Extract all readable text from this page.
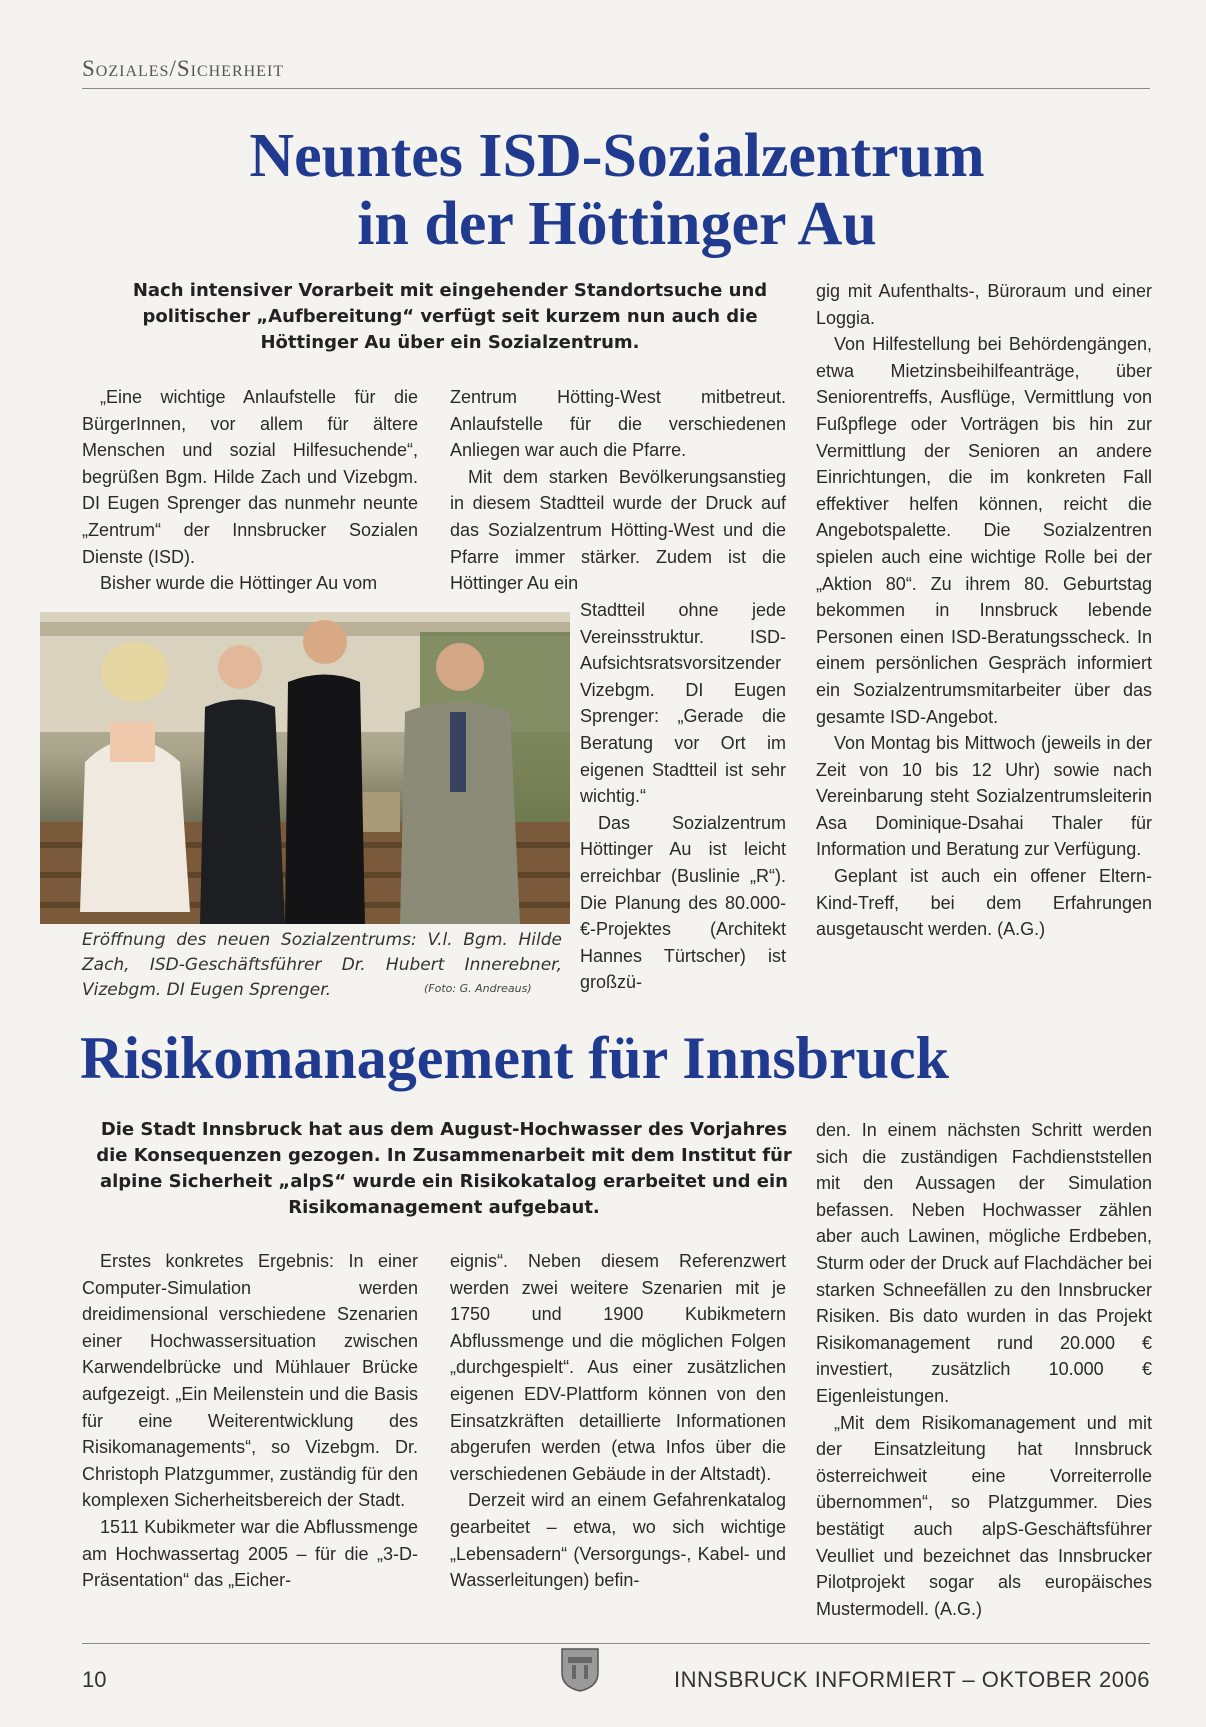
Soziales/Sicherheit
Neuntes ISD-Sozialzentrum
in der Höttinger Au

Nach intensiver Vorarbeit mit eingehender Standortsuche und politischer „Aufbereitung“ verfügt seit kurzem nun auch die Höttinger Au über ein Sozialzentrum.

„Eine wichtige Anlaufstelle für die BürgerInnen, vor allem für ältere Menschen und sozial Hilfesuchende“, begrüßen Bgm. Hilde Zach und Vizebgm. DI Eugen Sprenger das nunmehr neunte „Zentrum“ der Innsbrucker Sozialen Dienste (ISD).

Bisher wurde die Höttinger Au vom

Zentrum Hötting-West mitbetreut. Anlaufstelle für die verschiedenen Anliegen war auch die Pfarre.

Mit dem starken Bevölkerungsanstieg in diesem Stadtteil wurde der Druck auf das Sozialzentrum Hötting-West und die Pfarre immer stärker. Zudem ist die Höttinger Au ein

Stadtteil ohne jede Vereinsstruktur. ISD-Aufsichtsratsvorsitzender Vizebgm. DI Eugen Sprenger: „Gerade die Beratung vor Ort im eigenen Stadtteil ist sehr wichtig.“

Das Sozialzentrum Höttinger Au ist leicht erreichbar (Buslinie „R“). Die Planung des 80.000-€-Projektes (Architekt Hannes Türtscher) ist großzü-

gig mit Aufenthalts-, Büroraum und einer Loggia.

Von Hilfestellung bei Behördengängen, etwa Mietzinsbeihilfeanträge, über Seniorentreffs, Ausflüge, Vermittlung von Fußpflege oder Vorträgen bis hin zur Vermittlung der Senioren an andere Einrichtungen, die im konkreten Fall effektiver helfen können, reicht die Angebotspalette. Die Sozialzentren spielen auch eine wichtige Rolle bei der „Aktion 80“. Zu ihrem 80. Geburtstag bekommen in Innsbruck lebende Personen einen ISD-Beratungsscheck. In einem persönlichen Gespräch informiert ein Sozialzentrumsmitarbeiter über das gesamte ISD-Angebot.

Von Montag bis Mittwoch (jeweils in der Zeit von 10 bis 12 Uhr) sowie nach Vereinbarung steht Sozialzentrumsleiterin Asa Dominique-Dsahai Thaler für Information und Beratung zur Verfügung.

Geplant ist auch ein offener Eltern-Kind-Treff, bei dem Erfahrungen ausgetauscht werden. (A.G.)

Eröffnung des neuen Sozialzentrums: V.l. Bgm. Hilde Zach, ISD-Geschäftsführer Dr. Hubert Innerebner, Vizebgm. DI Eugen Sprenger.	(Foto: G. Andreaus)
Risikomanagement für Innsbruck

Die Stadt Innsbruck hat aus dem August-Hochwasser des Vorjahres die Konsequenzen gezogen. In Zusammenarbeit mit dem Institut für alpine Sicherheit „alpS“ wurde ein Risikokatalog erarbeitet und ein Risikomanagement aufgebaut.

Erstes konkretes Ergebnis: In einer Computer-Simulation werden dreidimensional verschiedene Szenarien einer Hochwassersituation zwischen Karwendelbrücke und Mühlauer Brücke aufgezeigt. „Ein Meilenstein und die Basis für eine Weiterentwicklung des Risikomanagements“, so Vizebgm. Dr. Christoph Platzgummer, zuständig für den komplexen Sicherheitsbereich der Stadt.

1511 Kubikmeter war die Abflussmenge am Hochwassertag 2005 – für die „3-D-Präsentation“ das „Eicher-

eignis“. Neben diesem Referenzwert werden zwei weitere Szenarien mit je 1750 und 1900 Kubikmetern Abflussmenge und die möglichen Folgen „durchgespielt“. Aus einer zusätzlichen eigenen EDV-Plattform können von den Einsatzkräften detaillierte Informationen abgerufen werden (etwa Infos über die verschiedenen Gebäude in der Altstadt).

Derzeit wird an einem Gefahrenkatalog gearbeitet – etwa, wo sich wichtige „Lebensadern“ (Versorgungs-, Kabel- und Wasserleitungen) befin-

den. In einem nächsten Schritt werden sich die zuständigen Fachdienststellen mit den Aussagen der Simulation befassen. Neben Hochwasser zählen aber auch Lawinen, mögliche Erdbeben, Sturm oder der Druck auf Flachdächer bei starken Schneefällen zu den Innsbrucker Risiken. Bis dato wurden in das Projekt Risikomanagement rund 20.000 € investiert, zusätzlich 10.000 € Eigenleistungen.

„Mit dem Risikomanagement und mit der Einsatzleitung hat Innsbruck österreichweit eine Vorreiterrolle übernommen“, so Platzgummer. Dies bestätigt auch alpS-Geschäftsführer Veulliet und bezeichnet das Innsbrucker Pilotprojekt sogar als europäisches Mustermodell. (A.G.)

10	INNSBRUCK INFORMIERT – OKTOBER 2006
